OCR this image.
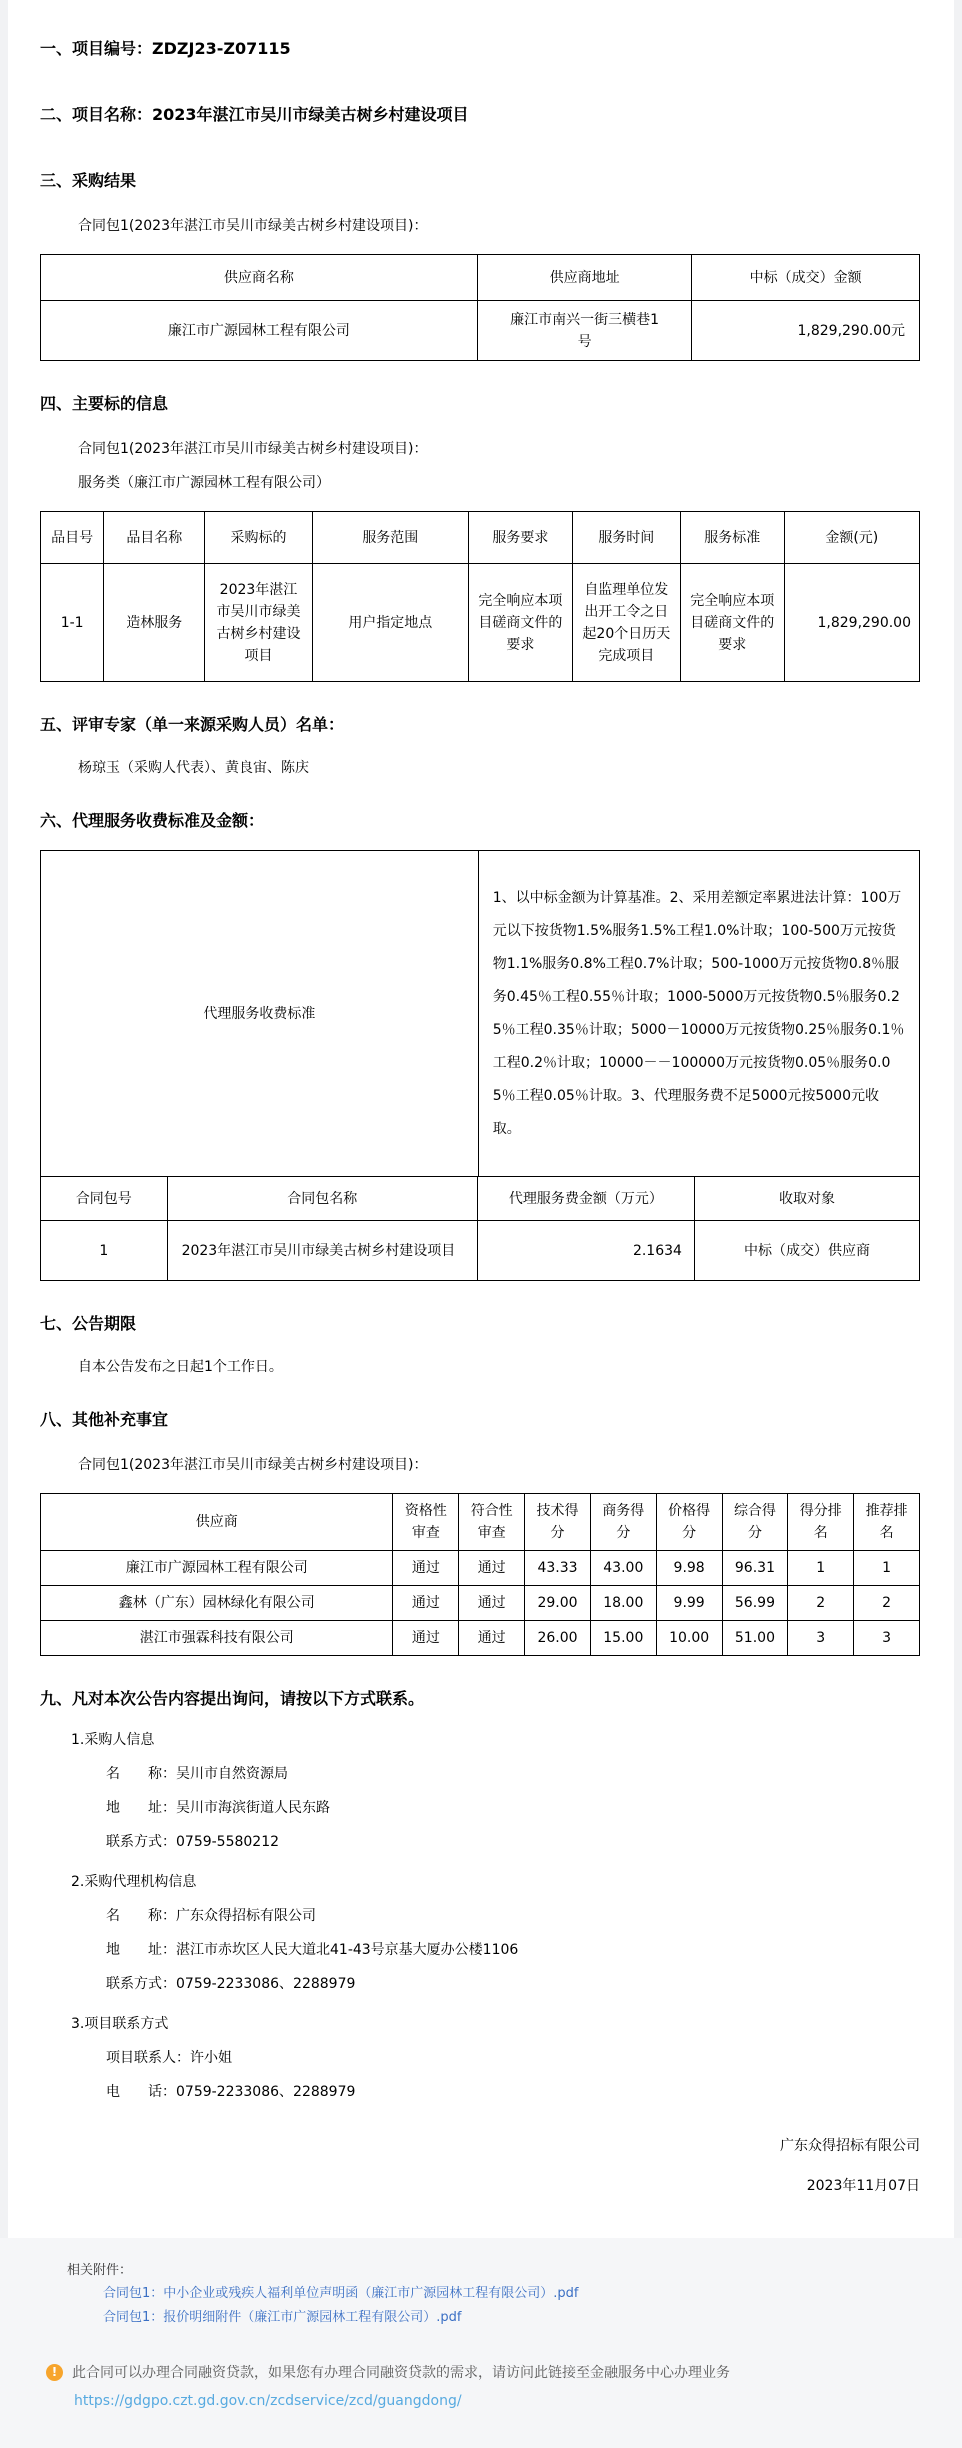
一、项目编号：ZDZJ23-Z07115
二、项目名称：2023年湛江市吴川市绿美古树乡村建设项目
三、采购结果
合同包1(2023年湛江市吴川市绿美古树乡村建设项目)：
供应商名称	供应商地址	中标（成交）金额
廉江市广源园林工程有限公司	廉江市南兴一街三横巷1号	1,829,290.00元
四、主要标的信息
合同包1(2023年湛江市吴川市绿美古树乡村建设项目)：
服务类（廉江市广源园林工程有限公司）
品目号	品目名称	采购标的	服务范围	服务要求	服务时间	服务标准	金额(元)
1-1	造林服务	2023年湛江市吴川市绿美古树乡村建设项目	用户指定地点	完全响应本项目磋商文件的要求	自监理单位发出开工令之日起20个日历天完成项目	完全响应本项目磋商文件的要求	1,829,290.00
五、评审专家（单一来源采购人员）名单：
杨琼玉（采购人代表）、黄良宙、陈庆
六、代理服务收费标准及金额：
代理服务收费标准	1、以中标金额为计算基准。2、采用差额定率累进法计算：100万元以下按货物1.5%服务1.5%工程1.0%计取；100-500万元按货物1.1%服务0.8%工程0.7%计取；500-1000万元按货物0.8％服务0.45％工程0.55％计取；1000-5000万元按货物0.5％服务0.25％工程0.35％计取；5000－10000万元按货物0.25％服务0.1％工程0.2％计取；10000－－100000万元按货物0.05％服务0.05％工程0.05％计取。3、代理服务费不足5000元按5000元收取。
合同包号	合同包名称	代理服务费金额（万元）	收取对象
1	2023年湛江市吴川市绿美古树乡村建设项目	2.1634	中标（成交）供应商
七、公告期限
自本公告发布之日起1个工作日。
八、其他补充事宜
合同包1(2023年湛江市吴川市绿美古树乡村建设项目)：
供应商	资格性审查	符合性审查	技术得分	商务得分	价格得分	综合得分	得分排名	推荐排名
廉江市广源园林工程有限公司	通过	通过	43.33	43.00	9.98	96.31	1	1
鑫林（广东）园林绿化有限公司	通过	通过	29.00	18.00	9.99	56.99	2	2
湛江市强霖科技有限公司	通过	通过	26.00	15.00	10.00	51.00	3	3
九、凡对本次公告内容提出询问，请按以下方式联系。
1.采购人信息
名　　称：吴川市自然资源局
地　　址：吴川市海滨街道人民东路
联系方式：0759-5580212
2.采购代理机构信息
名　　称：广东众得招标有限公司
地　　址：湛江市赤坎区人民大道北41-43号京基大厦办公楼1106
联系方式：0759-2233086、2288979
3.项目联系方式
项目联系人：许小姐
电　　话：0759-2233086、2288979
广东众得招标有限公司
2023年11月07日
相关附件：
合同包1：中小企业或残疾人福利单位声明函（廉江市广源园林工程有限公司）.pdf
合同包1：报价明细附件（廉江市广源园林工程有限公司）.pdf
!	此合同可以办理合同融资贷款，如果您有办理合同融资贷款的需求，请访问此链接至金融服务中心办理业务
https://gdgpo.czt.gd.gov.cn/zcdservice/zcd/guangdong/
